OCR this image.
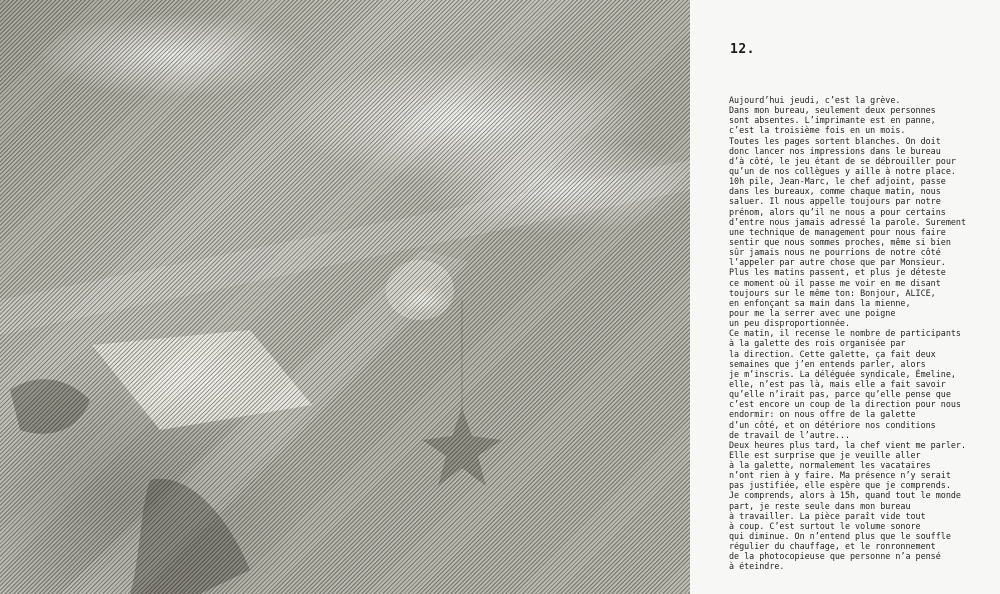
12.
Aujourd’hui jeudi, c’est la grève.
Dans mon bureau, seulement deux personnes
sont absentes. L’imprimante est en panne,
c’est la troisième fois en un mois.
Toutes les pages sortent blanches. On doit
donc lancer nos impressions dans le bureau
d’à côté, le jeu étant de se débrouiller pour
qu’un de nos collègues y aille à notre place.
10h pile, Jean-Marc, le chef adjoint, passe
dans les bureaux, comme chaque matin, nous
saluer. Il nous appelle toujours par notre
prénom, alors qu’il ne nous a pour certains
d’entre nous jamais adressé la parole. Surement
une technique de management pour nous faire
sentir que nous sommes proches, même si bien
sûr jamais nous ne pourrions de notre côté
l’appeler par autre chose que par Monsieur.
Plus les matins passent, et plus je déteste
ce moment où il passe me voir en me disant
toujours sur le même ton: Bonjour, ALICE,
en enfonçant sa main dans la mienne,
pour me la serrer avec une poigne
un peu disproportionnée.
Ce matin, il recense le nombre de participants
à la galette des rois organisée par
la direction. Cette galette, ça fait deux
semaines que j’en entends parler, alors
je m’inscris. La déléguée syndicale, Émeline,
elle, n’est pas là, mais elle a fait savoir
qu’elle n’irait pas, parce qu’elle pense que
c’est encore un coup de la direction pour nous
endormir: on nous offre de la galette
d’un côté, et on détériore nos conditions
de travail de l’autre...
Deux heures plus tard, la chef vient me parler.
Elle est surprise que je veuille aller
à la galette, normalement les vacataires
n’ont rien à y faire. Ma présence n’y serait
pas justifiée, elle espère que je comprends.
Je comprends, alors à 15h, quand tout le monde
part, je reste seule dans mon bureau
à travailler. La pièce paraît vide tout
à coup. C’est surtout le volume sonore
qui diminue. On n’entend plus que le souffle
régulier du chauffage, et le ronronnement
de la photocopieuse que personne n’a pensé
à éteindre.
